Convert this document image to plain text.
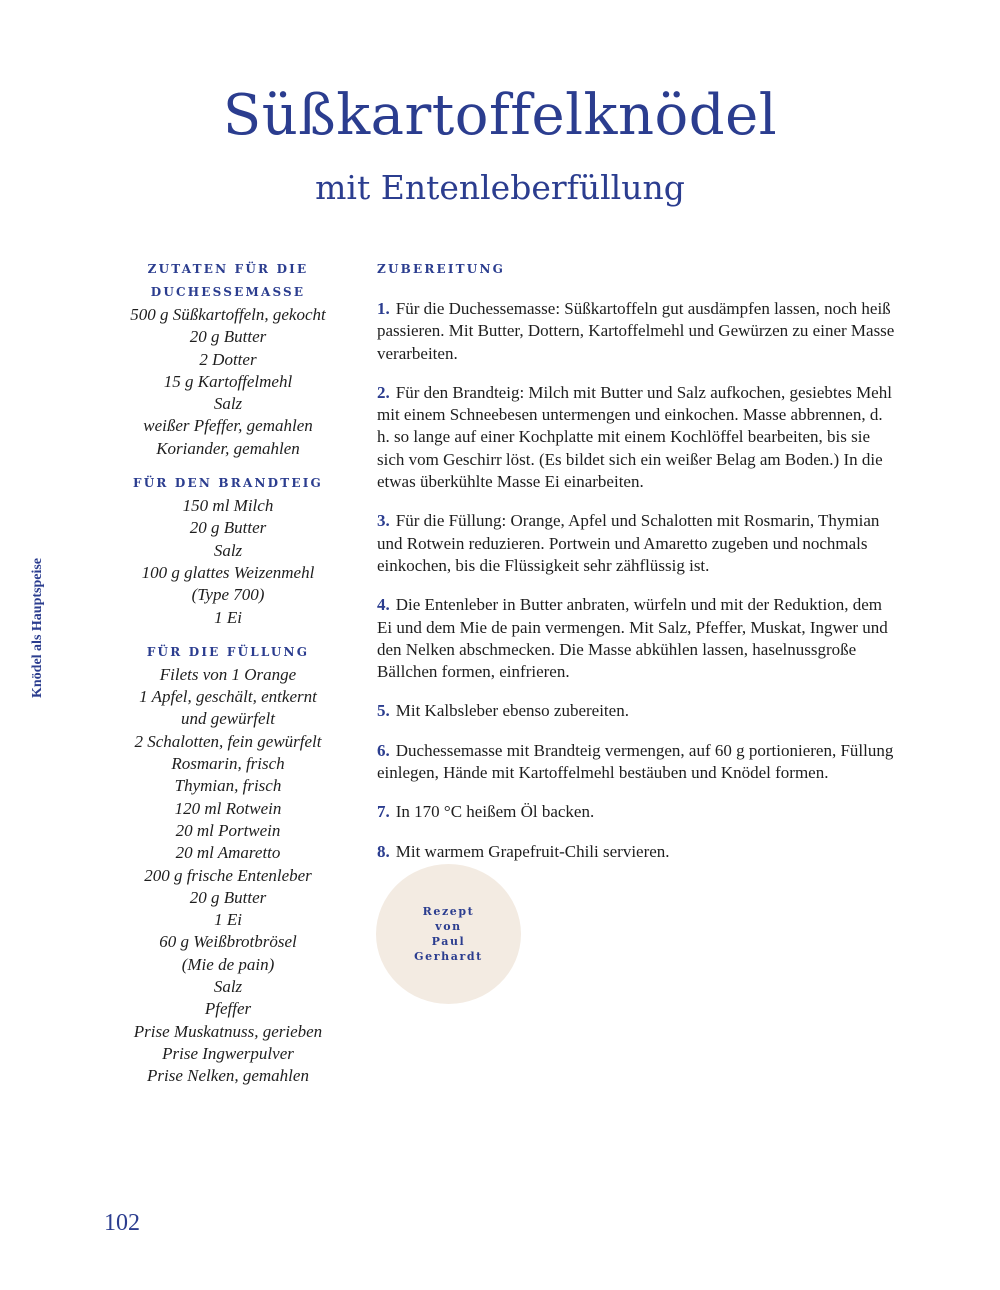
Süßkartoffelknödel
mit Entenleberfüllung
Knödel als Hauptspeise
ZUTATEN FÜR DIE DUCHESSEMASSE
500 g Süßkartoffeln, gekocht
20 g Butter
2 Dotter
15 g Kartoffelmehl
Salz
weißer Pfeffer, gemahlen
Koriander, gemahlen
FÜR DEN BRANDTEIG
150 ml Milch
20 g Butter
Salz
100 g glattes Weizenmehl
(Type 700)
1 Ei
FÜR DIE FÜLLUNG
Filets von 1 Orange
1 Apfel, geschält, entkernt
und gewürfelt
2 Schalotten, fein gewürfelt
Rosmarin, frisch
Thymian, frisch
120 ml Rotwein
20 ml Portwein
20 ml Amaretto
200 g frische Entenleber
20 g Butter
1 Ei
60 g Weißbrotbrösel
(Mie de pain)
Salz
Pfeffer
Prise Muskatnuss, gerieben
Prise Ingwerpulver
Prise Nelken, gemahlen
ZUBEREITUNG

1. Für die Duchessemasse: Süßkartoffeln gut ausdämpfen lassen, noch heiß passieren. Mit Butter, Dottern, Kartoffelmehl und Gewürzen zu einer Masse verarbeiten.

2. Für den Brandteig: Milch mit Butter und Salz aufkochen, gesiebtes Mehl mit einem Schneebesen untermengen und einkochen. Masse abbrennen, d. h. so lange auf einer Kochplatte mit einem Kochlöffel bearbeiten, bis sie sich vom Geschirr löst. (Es bildet sich ein weißer Belag am Boden.) In die etwas überkühlte Masse Ei einarbeiten.

3. Für die Füllung: Orange, Apfel und Schalotten mit Rosmarin, Thymian und Rotwein reduzieren. Portwein und Amaretto zugeben und nochmals einkochen, bis die Flüssigkeit sehr zähflüssig ist.

4. Die Entenleber in Butter anbraten, würfeln und mit der Reduktion, dem Ei und dem Mie de pain vermengen. Mit Salz, Pfeffer, Muskat, Ingwer und den Nelken abschmecken. Die Masse abkühlen lassen, haselnussgroße Bällchen formen, einfrieren.

5. Mit Kalbsleber ebenso zubereiten.

6. Duchessemasse mit Brandteig vermengen, auf 60 g portionieren, Füllung einlegen, Hände mit Kartoffelmehl bestäuben und Knödel formen.

7. In 170 °C heißem Öl backen.

8. Mit warmem Grapefruit-Chili servieren.

Rezept
von
Paul
Gerhardt
102
